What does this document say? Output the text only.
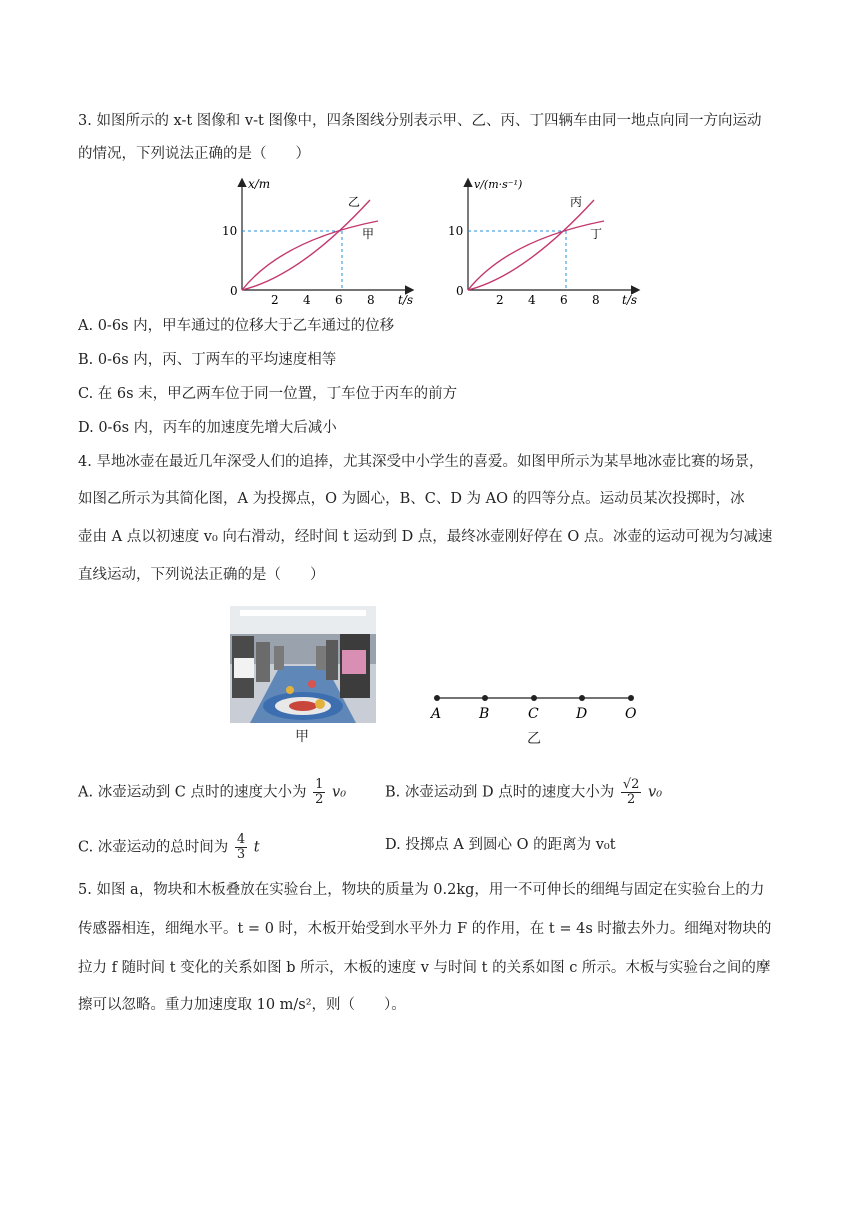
3. 如图所示的 x-t 图像和 v-t 图像中，四条图线分别表示甲、乙、丙、丁四辆车由同一地点向同一方向运动
的情况，下列说法正确的是（　　）
x/m
t/s
0
10
2 4 6 8
乙
甲
v/(m·s⁻¹)
t/s
0
10
2 4 6 8
丙
丁
A. 0-6s 内，甲车通过的位移大于乙车通过的位移
B. 0-6s 内，丙、丁两车的平均速度相等
C. 在 6s 末，甲乙两车位于同一位置，丁车位于丙车的前方
D. 0-6s 内，丙车的加速度先增大后减小
4. 旱地冰壶在最近几年深受人们的追捧，尤其深受中小学生的喜爱。如图甲所示为某旱地冰壶比赛的场景，
如图乙所示为其简化图，A 为投掷点，O 为圆心，B、C、D 为 AO 的四等分点。运动员某次投掷时，冰
壶由 A 点以初速度 v₀ 向右滑动，经时间 t 运动到 D 点，最终冰壶刚好停在 O 点。冰壶的运动可视为匀减速
直线运动，下列说法正确的是（　　）
甲
A	B	C	D	O
乙
A. 冰壶运动到 C 点时的速度大小为 $\frac{1}{2} v_0$	B. 冰壶运动到 D 点时的速度大小为 $\frac{√2}{2} v_0$
C. 冰壶运动的总时间为 $\frac{4}{3}$ t	D. 投掷点 A 到圆心 O 的距离为 v₀t
5. 如图 a，物块和木板叠放在实验台上，物块的质量为 0.2kg，用一不可伸长的细绳与固定在实验台上的力
传感器相连，细绳水平。t = 0 时，木板开始受到水平外力 F 的作用，在 t = 4s 时撤去外力。细绳对物块的
拉力 f 随时间 t 变化的关系如图 b 所示，木板的速度 v 与时间 t 的关系如图 c 所示。木板与实验台之间的摩
擦可以忽略。重力加速度取 10 m/s²，则（　　）。
